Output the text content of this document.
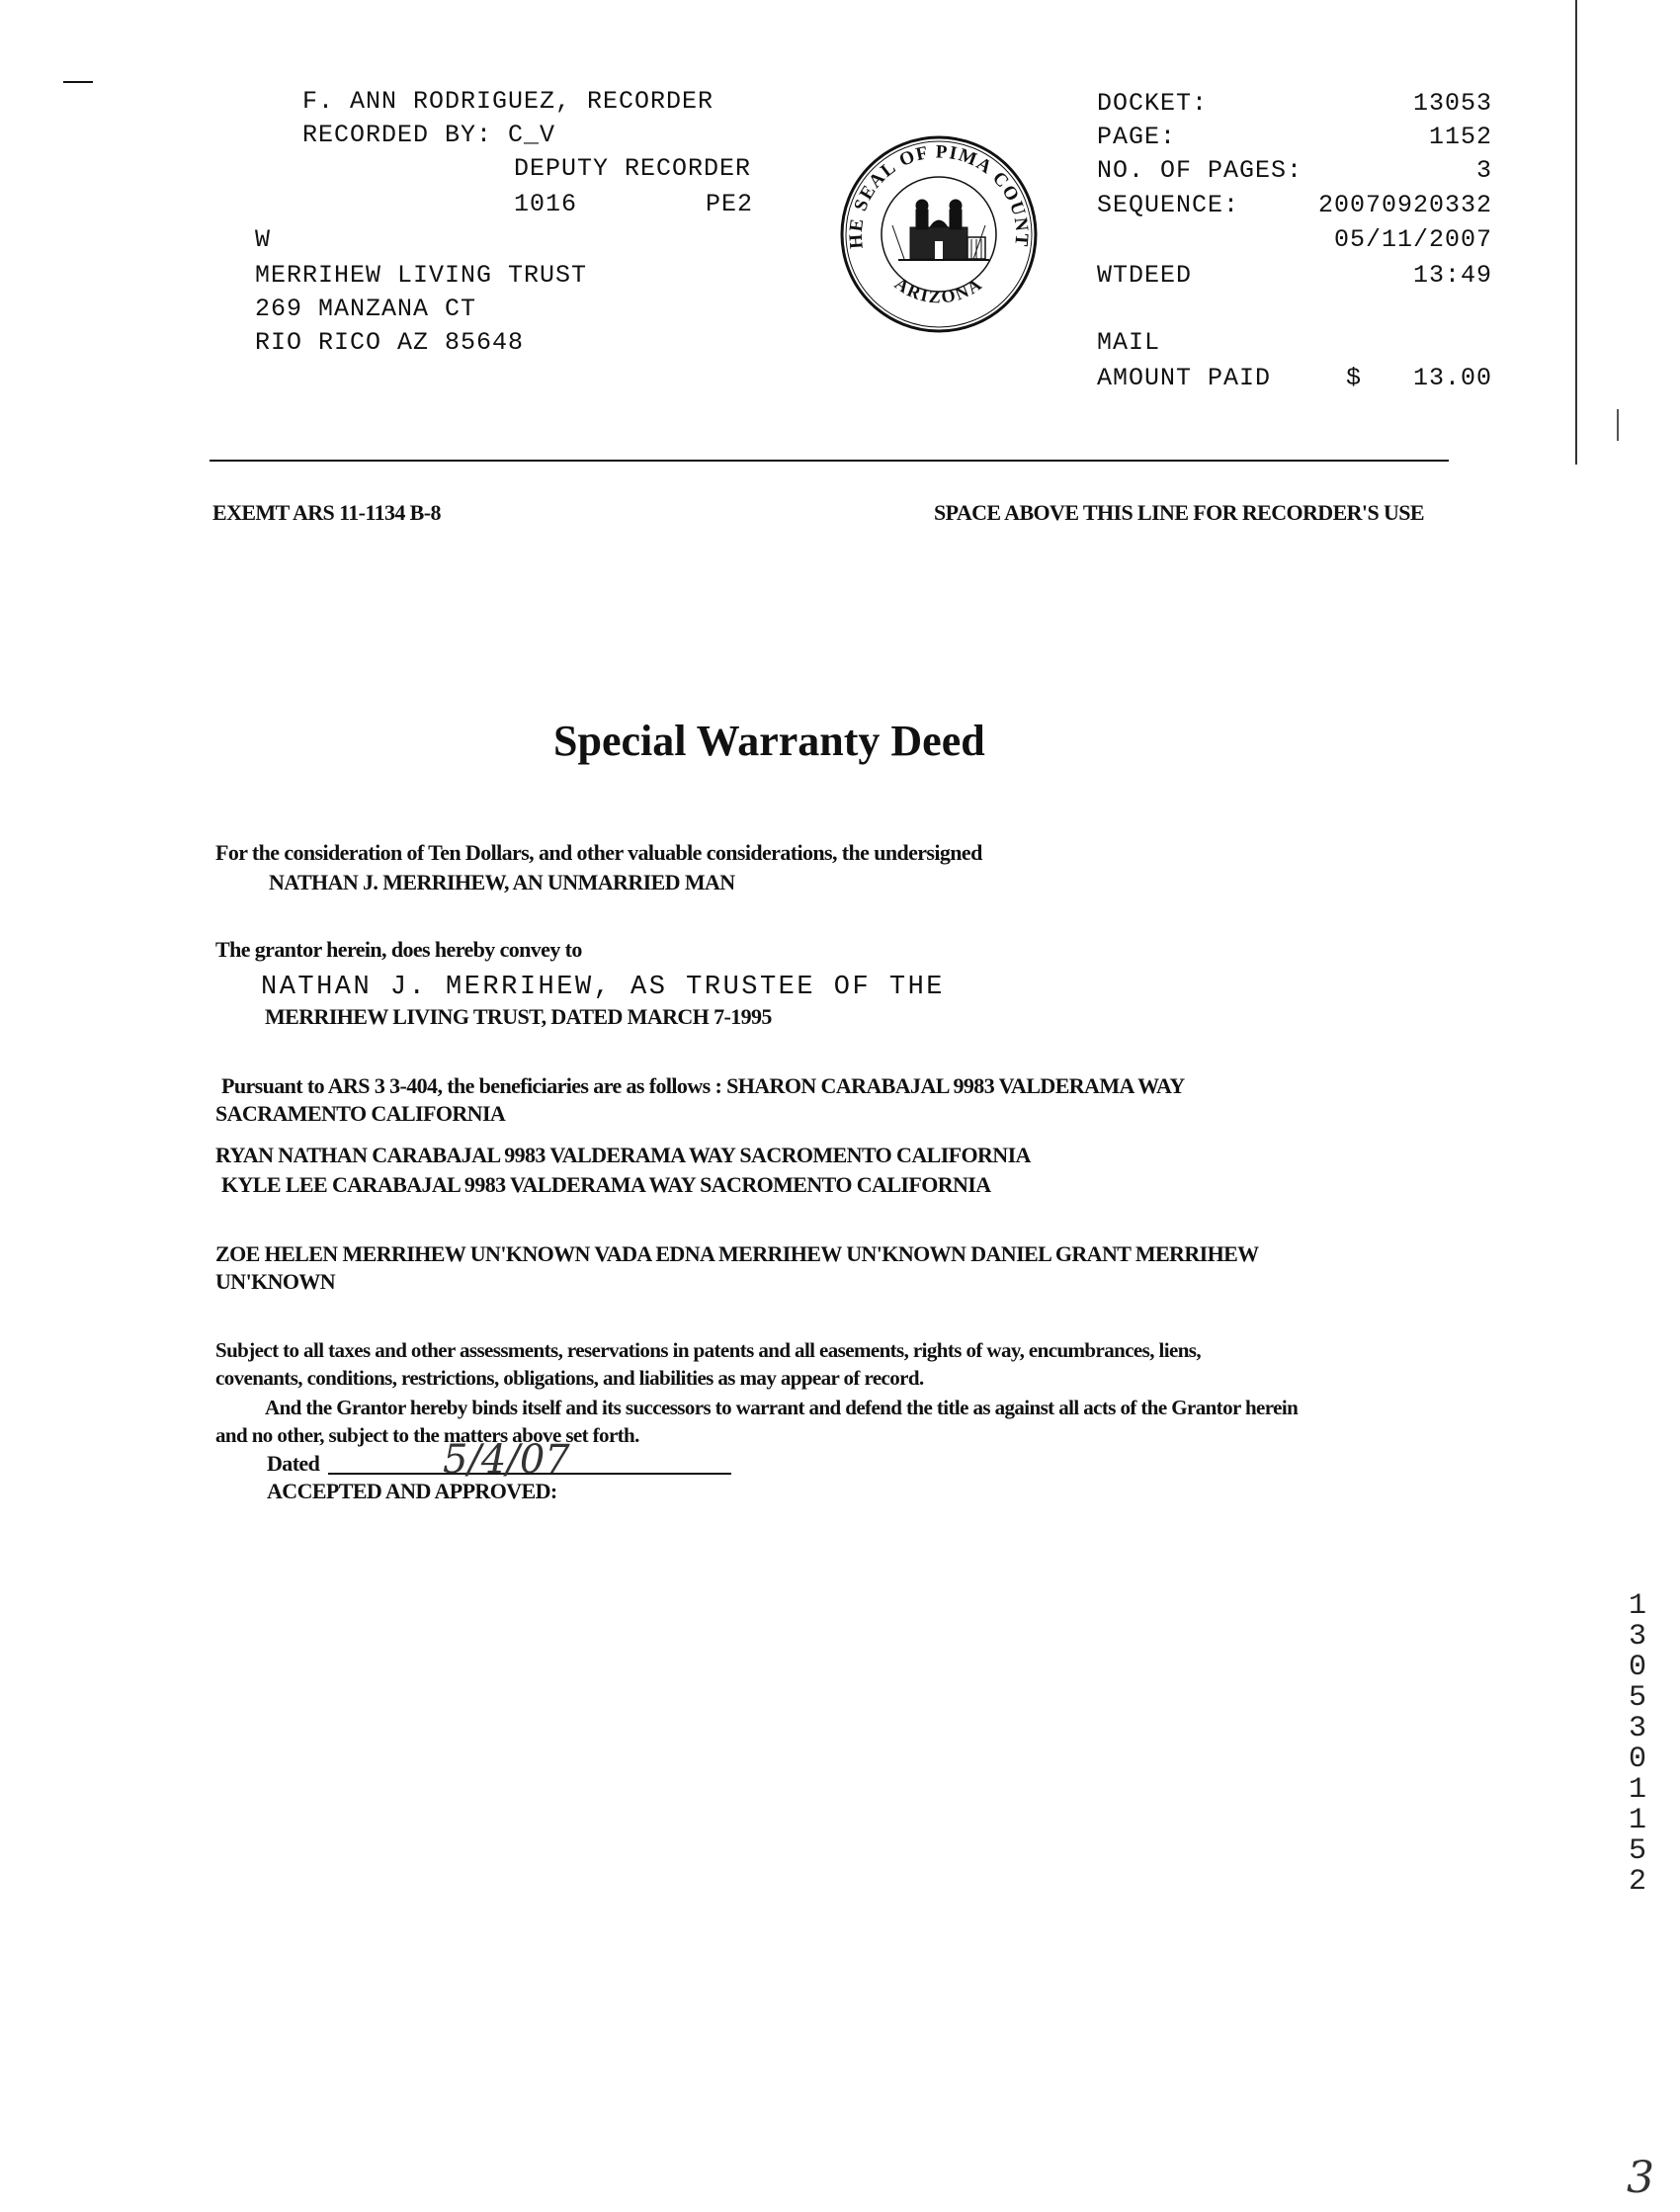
F. ANN RODRIGUEZ, RECORDER
RECORDED BY: C_V
DEPUTY RECORDER
1016	PE2
W
MERRIHEW LIVING TRUST
269 MANZANA CT
RIO RICO AZ 85648
HE SEAL OF PIMA COUNT
ARIZONA
DOCKET:	13053
PAGE:	1152
NO. OF PAGES:	3
SEQUENCE:	20070920332
05/11/2007
WTDEED	13:49
MAIL
AMOUNT PAID	$	13.00
EXEMT ARS 11-1134 B-8	SPACE ABOVE THIS LINE FOR RECORDER'S USE
Special Warranty Deed
For the consideration of Ten Dollars, and other valuable considerations, the undersigned
NATHAN J. MERRIHEW, AN UNMARRIED MAN
The grantor herein, does hereby convey to
NATHAN J. MERRIHEW, AS TRUSTEE OF THE
MERRIHEW LIVING TRUST, DATED MARCH 7-1995
Pursuant to ARS 3 3-404, the beneficiaries are as follows : SHARON CARABAJAL 9983 VALDERAMA WAY
SACRAMENTO CALIFORNIA
RYAN NATHAN CARABAJAL 9983 VALDERAMA WAY SACROMENTO CALIFORNIA
KYLE LEE CARABAJAL 9983 VALDERAMA WAY SACROMENTO CALIFORNIA
ZOE HELEN MERRIHEW UN'KNOWN VADA EDNA MERRIHEW UN'KNOWN DANIEL GRANT MERRIHEW
UN'KNOWN
Subject to all taxes and other assessments, reservations in patents and all easements, rights of way, encumbrances, liens,
covenants, conditions, restrictions, obligations, and liabilities as may appear of record.
And the Grantor hereby binds itself and its successors to warrant and defend the title as against all acts of the Grantor herein
and no other, subject to the matters above set forth.
Dated	5/4/07
ACCEPTED AND APPROVED:
13053 01152
3
